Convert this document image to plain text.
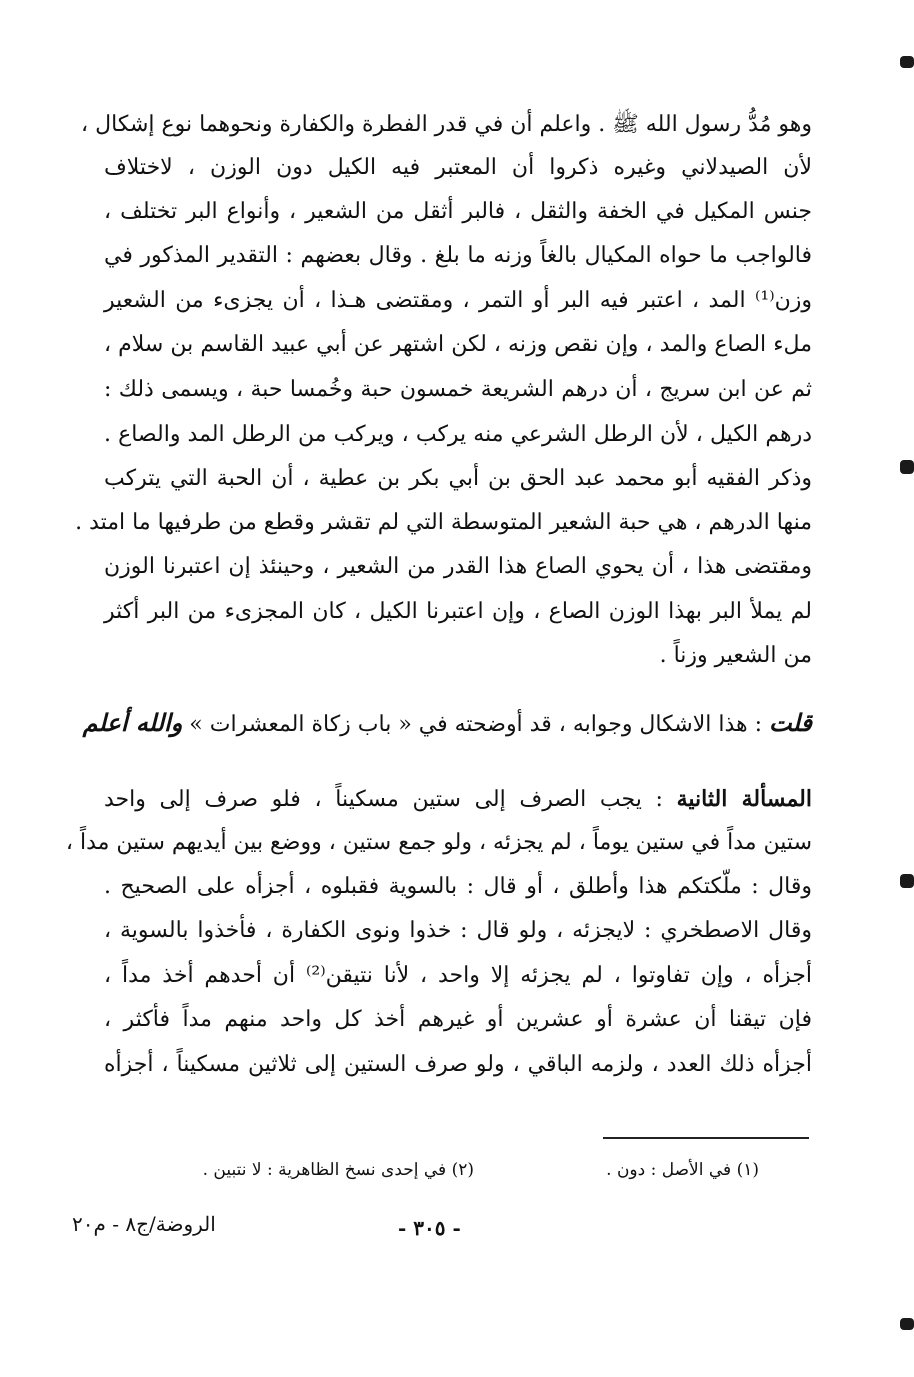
وهو مُدُّ رسول الله ﷺ . واعلم أن في قدر الفطرة والكفارة ونحوهما نوع إشكال ،
لأن الصيدلاني وغيره ذكروا أن المعتبر فيه الكيل دون الوزن ، لاختلاف
جنس المكيل في الخفة والثقل ، فالبر أثقل من الشعير ، وأنواع البر تختلف ،
فالواجب ما حواه المكيال بالغاً وزنه ما بلغ . وقال بعضهم : التقدير المذكور في
وزن⁽¹⁾ المد ، اعتبر فيه البر أو التمر ، ومقتضى هـذا ، أن يجزىء من الشعير
ملء الصاع والمد ، وإن نقص وزنه ، لكن اشتهر عن أبي عبيد القاسم بن سلام ،
ثم عن ابن سريج ، أن درهم الشريعة خمسون حبة وخُمسا حبة ، ويسمى ذلك :
درهم الكيل ، لأن الرطل الشرعي منه يركب ، ويركب من الرطل المد والصاع .
وذكر الفقيه أبو محمد عبد الحق بن أبي بكر بن عطية ، أن الحبة التي يتركب
منها الدرهم ، هي حبة الشعير المتوسطة التي لم تقشر وقطع من طرفيها ما امتد .
ومقتضى هذا ، أن يحوي الصاع هذا القدر من الشعير ، وحينئذ إن اعتبرنا الوزن
لم يملأ البر بهذا الوزن الصاع ، وإن اعتبرنا الكيل ، كان المجزىء من البر أكثر
من الشعير وزناً .
قلت : هذا الاشكال وجوابه ، قد أوضحته في « باب زكاة المعشرات » والله أعلم
المسألة الثانية : يجب الصرف إلى ستين مسكيناً ، فلو صرف إلى واحد
ستين مداً في ستين يوماً ، لم يجزئه ، ولو جمع ستين ، ووضع بين أيديهم ستين مداً ،
وقال : ملّكتكم هذا وأطلق ، أو قال : بالسوية فقبلوه ، أجزأه على الصحيح .
وقال الاصطخري : لايجزئه ، ولو قال : خذوا ونوى الكفارة ، فأخذوا بالسوية ،
أجزأه ، وإن تفاوتوا ، لم يجزئه إلا واحد ، لأنا نتيقن⁽²⁾ أن أحدهم أخذ مداً ،
فإن تيقنا أن عشرة أو عشرين أو غيرهم أخذ كل واحد منهم مداً فأكثر ،
أجزأه ذلك العدد ، ولزمه الباقي ، ولو صرف الستين إلى ثلاثين مسكيناً ، أجزأه
(١) في الأصل : دون .
(٢) في إحدى نسخ الظاهرية : لا نتبين .
- ٣٠٥ -
الروضة/ج٨ - م٢٠
